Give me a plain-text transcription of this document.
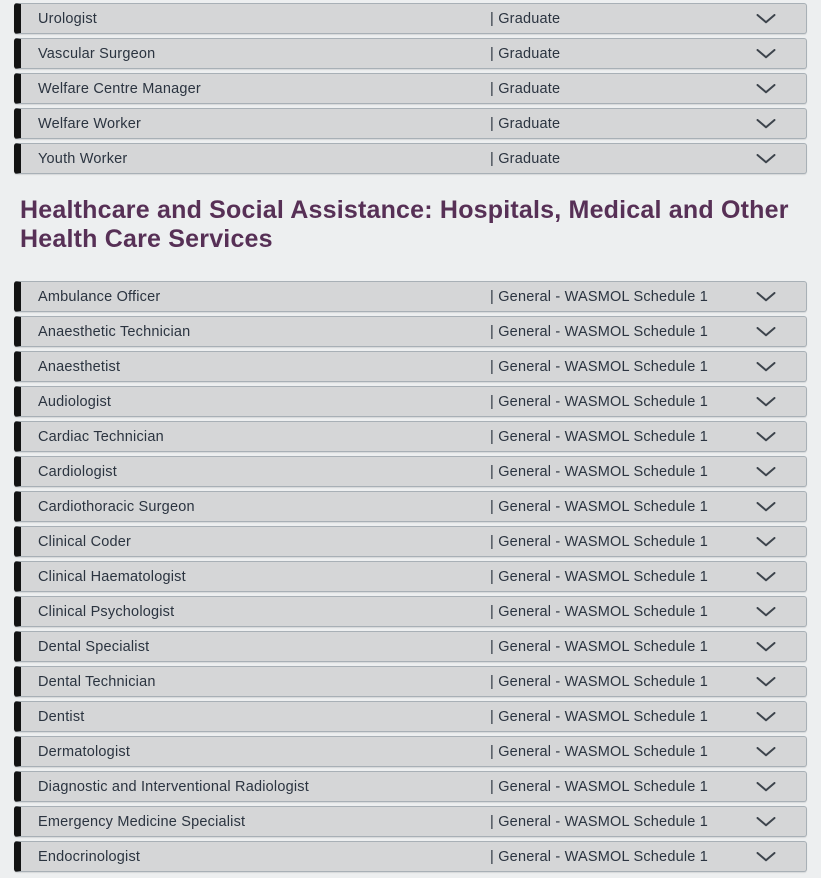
Urologist	| Graduate
Vascular Surgeon	| Graduate
Welfare Centre Manager	| Graduate
Welfare Worker	| Graduate
Youth Worker	| Graduate
Healthcare and Social Assistance: Hospitals, Medical and Other Health Care Services
Ambulance Officer	| General - WASMOL Schedule 1
Anaesthetic Technician	| General - WASMOL Schedule 1
Anaesthetist	| General - WASMOL Schedule 1
Audiologist	| General - WASMOL Schedule 1
Cardiac Technician	| General - WASMOL Schedule 1
Cardiologist	| General - WASMOL Schedule 1
Cardiothoracic Surgeon	| General - WASMOL Schedule 1
Clinical Coder	| General - WASMOL Schedule 1
Clinical Haematologist	| General - WASMOL Schedule 1
Clinical Psychologist	| General - WASMOL Schedule 1
Dental Specialist	| General - WASMOL Schedule 1
Dental Technician	| General - WASMOL Schedule 1
Dentist	| General - WASMOL Schedule 1
Dermatologist	| General - WASMOL Schedule 1
Diagnostic and Interventional Radiologist	| General - WASMOL Schedule 1
Emergency Medicine Specialist	| General - WASMOL Schedule 1
Endocrinologist	| General - WASMOL Schedule 1
